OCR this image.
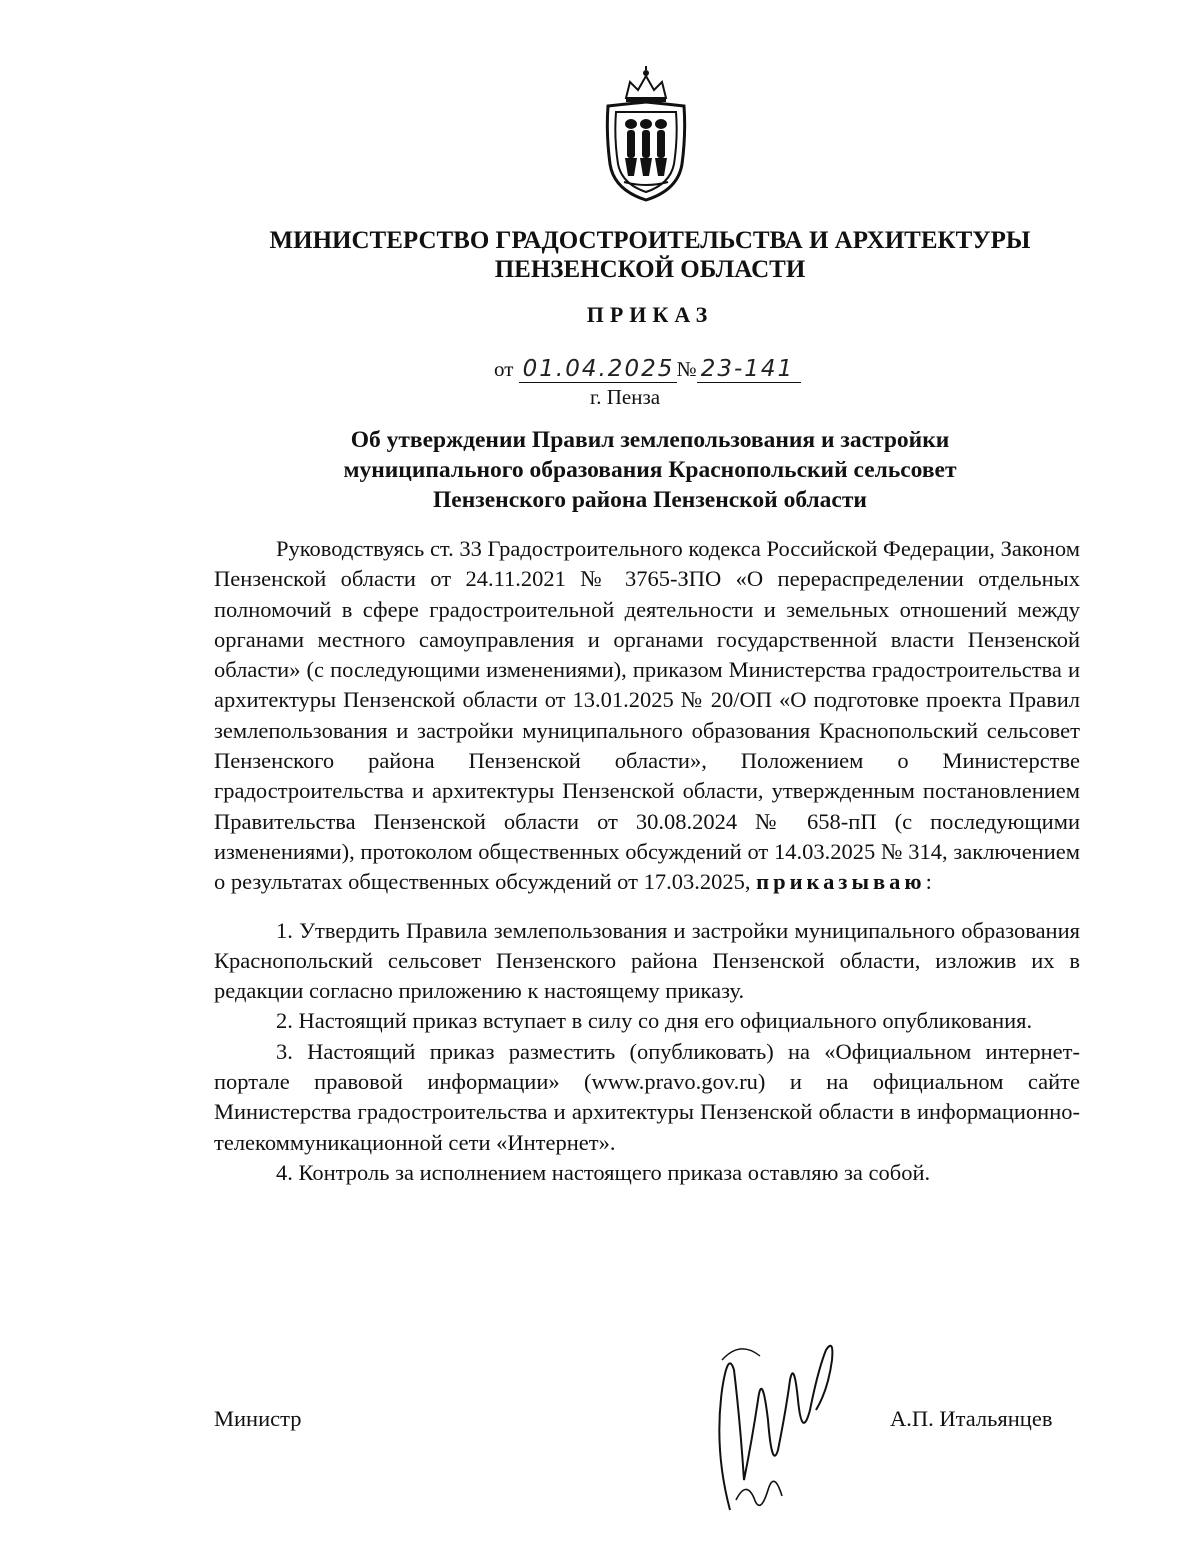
МИНИСТЕРСТВО ГРАДОСТРОИТЕЛЬСТВА И АРХИТЕКТУРЫ
ПЕНЗЕНСКОЙ ОБЛАСТИ
ПРИКАЗ
от 01.04.2025 № 23-141
г. Пенза
Об утверждении Правил землепользования и застройки
муниципального образования Краснопольский сельсовет
Пензенского района Пензенской области

Руководствуясь ст. 33 Градостроительного кодекса Российской Федерации, Законом Пензенской области от 24.11.2021 № 3765-ЗПО «О перераспределении отдельных полномочий в сфере градостроительной деятельности и земельных отношений между органами местного самоуправления и органами государственной власти Пензенской области» (с последующими изменениями), приказом Министерства градостроительства и архитектуры Пензенской области от 13.01.2025 № 20/ОП «О подготовке проекта Правил землепользования и застройки муниципального образования Краснопольский сельсовет Пензенского района Пензенской области», Положением о Министерстве градостроительства и архитектуры Пензенской области, утвержденным постановлением Правительства Пензенской области от 30.08.2024 № 658-пП (с последующими изменениями), протоколом общественных обсуждений от 14.03.2025 № 314, заключением о результатах общественных обсуждений от 17.03.2025, приказываю:

1. Утвердить Правила землепользования и застройки муниципального образования Краснопольский сельсовет Пензенского района Пензенской области, изложив их в редакции согласно приложению к настоящему приказу.

2. Настоящий приказ вступает в силу со дня его официального опубликования.

3. Настоящий приказ разместить (опубликовать) на «Официальном интернет-портале правовой информации» (www.pravo.gov.ru) и на официальном сайте Министерства градостроительства и архитектуры Пензенской области в информационно-телекоммуникационной сети «Интернет».

4. Контроль за исполнением настоящего приказа оставляю за собой.

Министр	А.П. Итальянцев
